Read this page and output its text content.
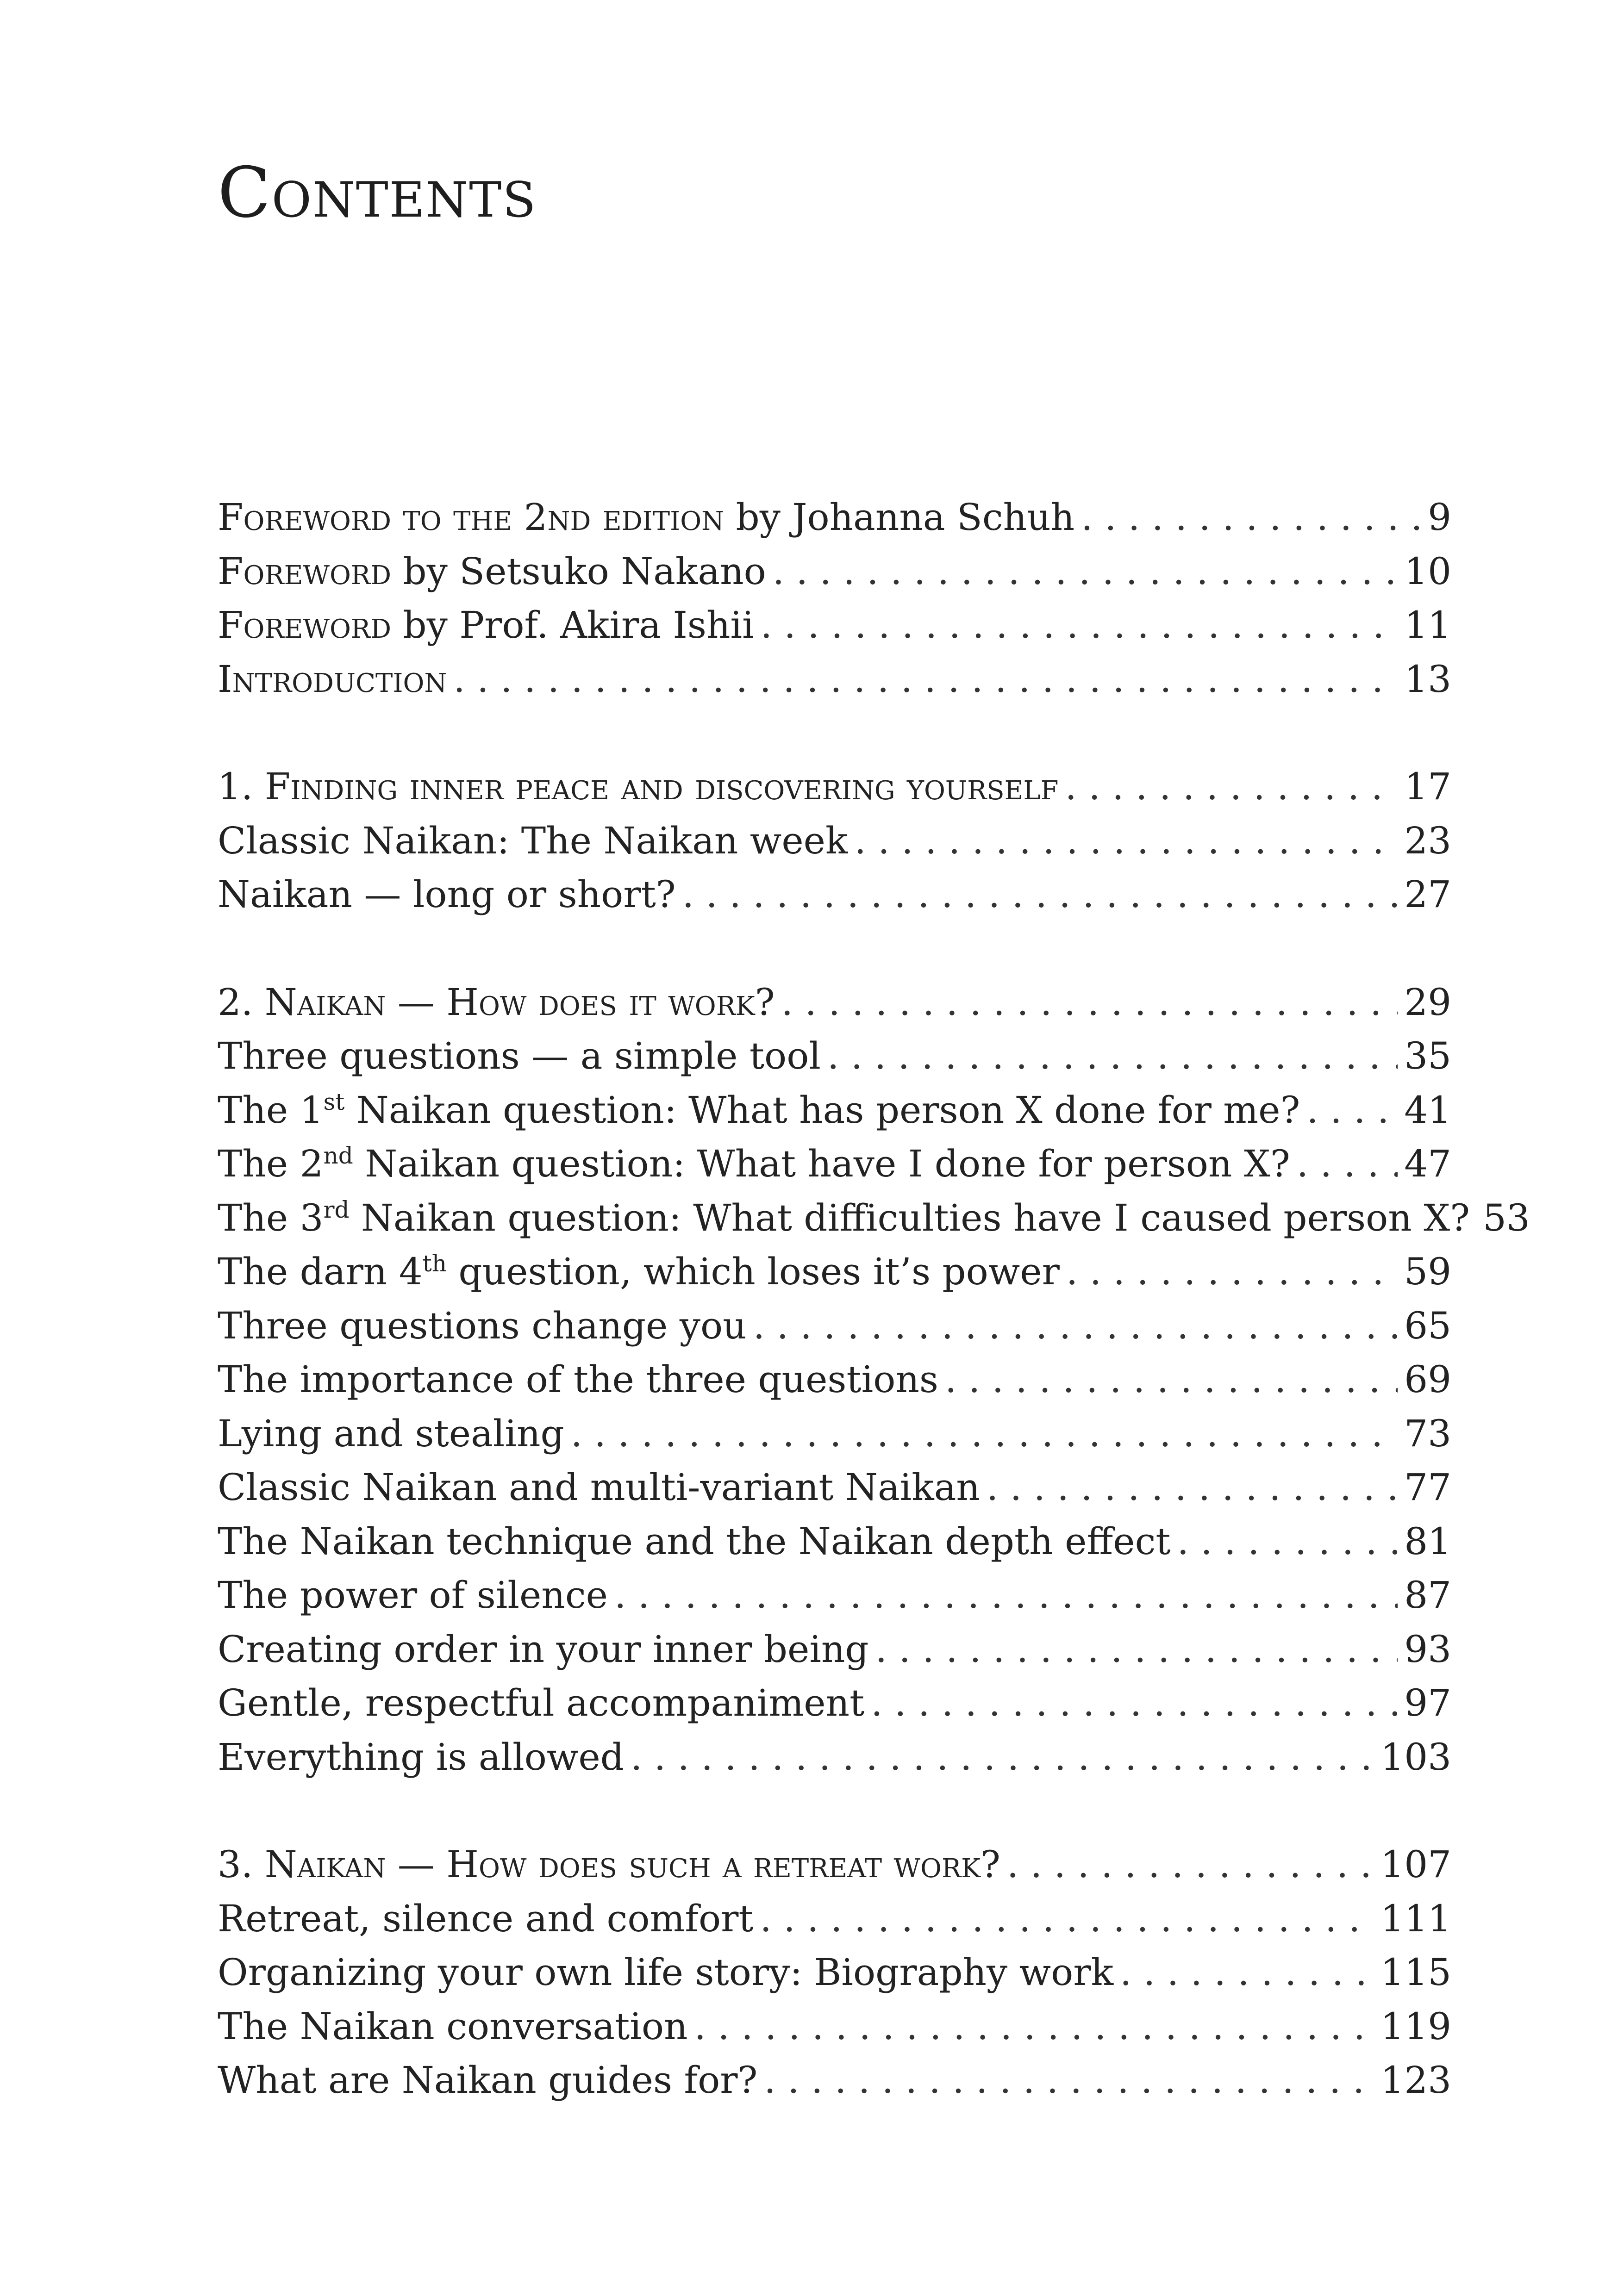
Contents
Foreword to the 2nd edition by Johanna Schuh . . .	9
Foreword by Setsuko Nakano . . .	10
Foreword by Prof. Akira Ishii . . .	11
Introduction . . .	13
1. Finding inner peace and discovering yourself . . .	17
Classic Naikan: The Naikan week . . .	23
Naikan — long or short? . . .	27
2. Naikan — How does it work? . . .	29
Three questions — a simple tool . . .	35
The 1st Naikan question: What has person X done for me? . . .	41
The 2nd Naikan question: What have I done for person X? . . .	47
The 3rd Naikan question: What difficulties have I caused person X? 53
The darn 4th question, which loses it’s power . . .	59
Three questions change you . . .	65
The importance of the three questions . . .	69
Lying and stealing . . .	73
Classic Naikan and multi-variant Naikan . . .	77
The Naikan technique and the Naikan depth effect . . .	81
The power of silence . . .	87
Creating order in your inner being . . .	93
Gentle, respectful accompaniment . . .	97
Everything is allowed . . .	103
3. Naikan — How does such a retreat work? . . .	107
Retreat, silence and comfort . . .	111
Organizing your own life story: Biography work . . .	115
The Naikan conversation . . .	119
What are Naikan guides for? . . .	123
